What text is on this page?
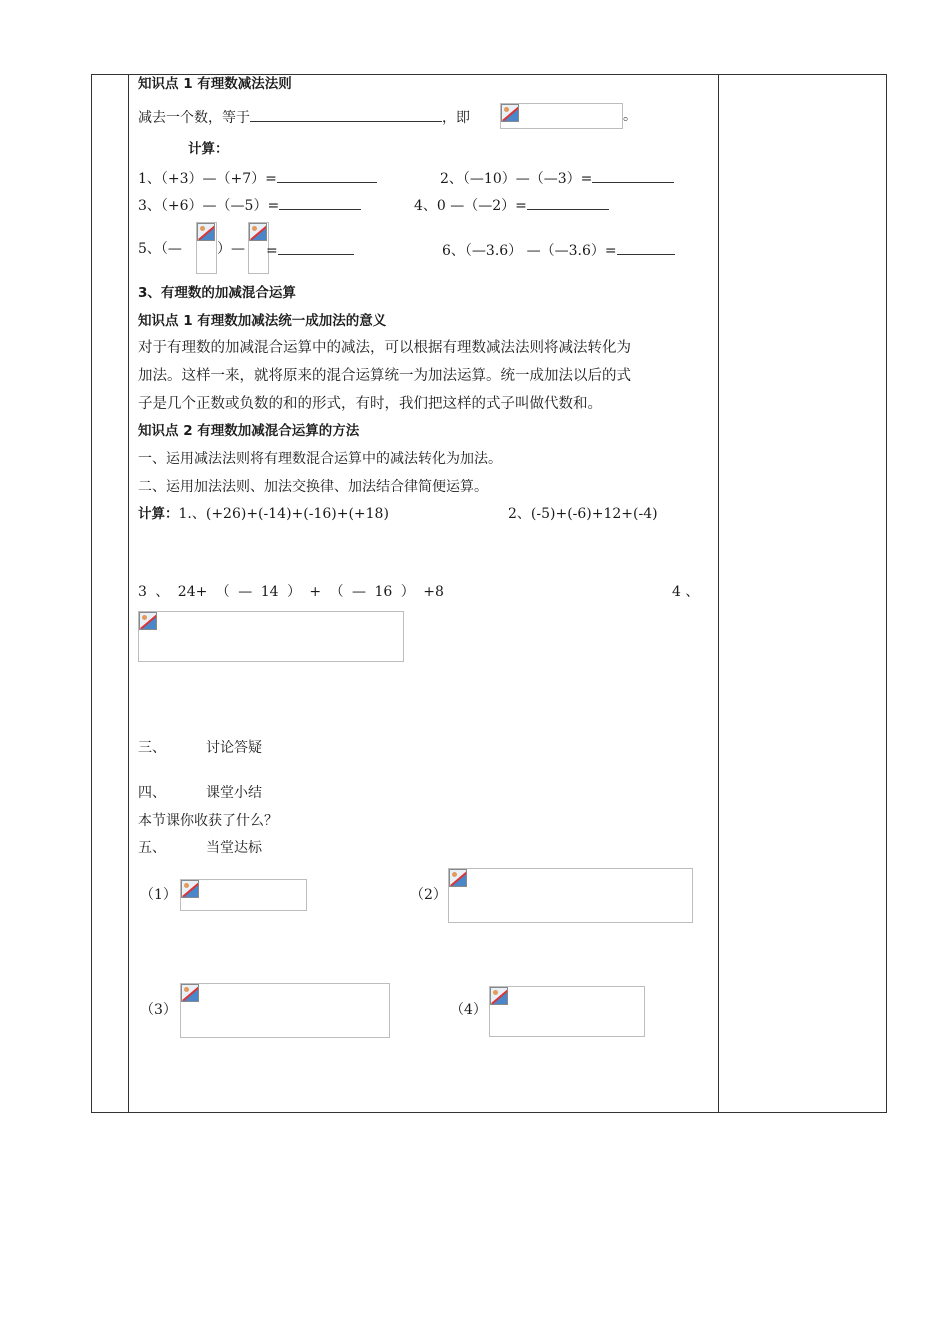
知识点 1 有理数减法法则
减去一个数，等于	，即	。
计算：
1、（+3）—（+7）=	2、（—10）—（—3）=
3、（+6）—（—5）=	4、0 —（—2）=
5、（—	）— =	6、（—3.6） —（—3.6）=
3、有理数的加减混合运算
知识点 1 有理数加减法统一成加法的意义
对于有理数的加减混合运算中的减法，可以根据有理数减法法则将减法转化为
加法。这样一来，就将原来的混合运算统一为加法运算。统一成加法以后的式
子是几个正数或负数的和的形式，有时，我们把这样的式子叫做代数和。
知识点 2 有理数加减混合运算的方法
一、运用减法法则将有理数混合运算中的减法转化为加法。
二、运用加法法则、加法交换律、加法结合律简便运算。
计算：1.、(+26)+(-14)+(-16)+(+18)	2、(-5)+(-6)+12+(-4)
3 、 24+ （ — 14 ） + （ — 16 ） +8	4 、
三、	讨论答疑
四、	课堂小结
本节课你收获了什么？
五、	当堂达标
（1）	（2）
（3）	（4）
